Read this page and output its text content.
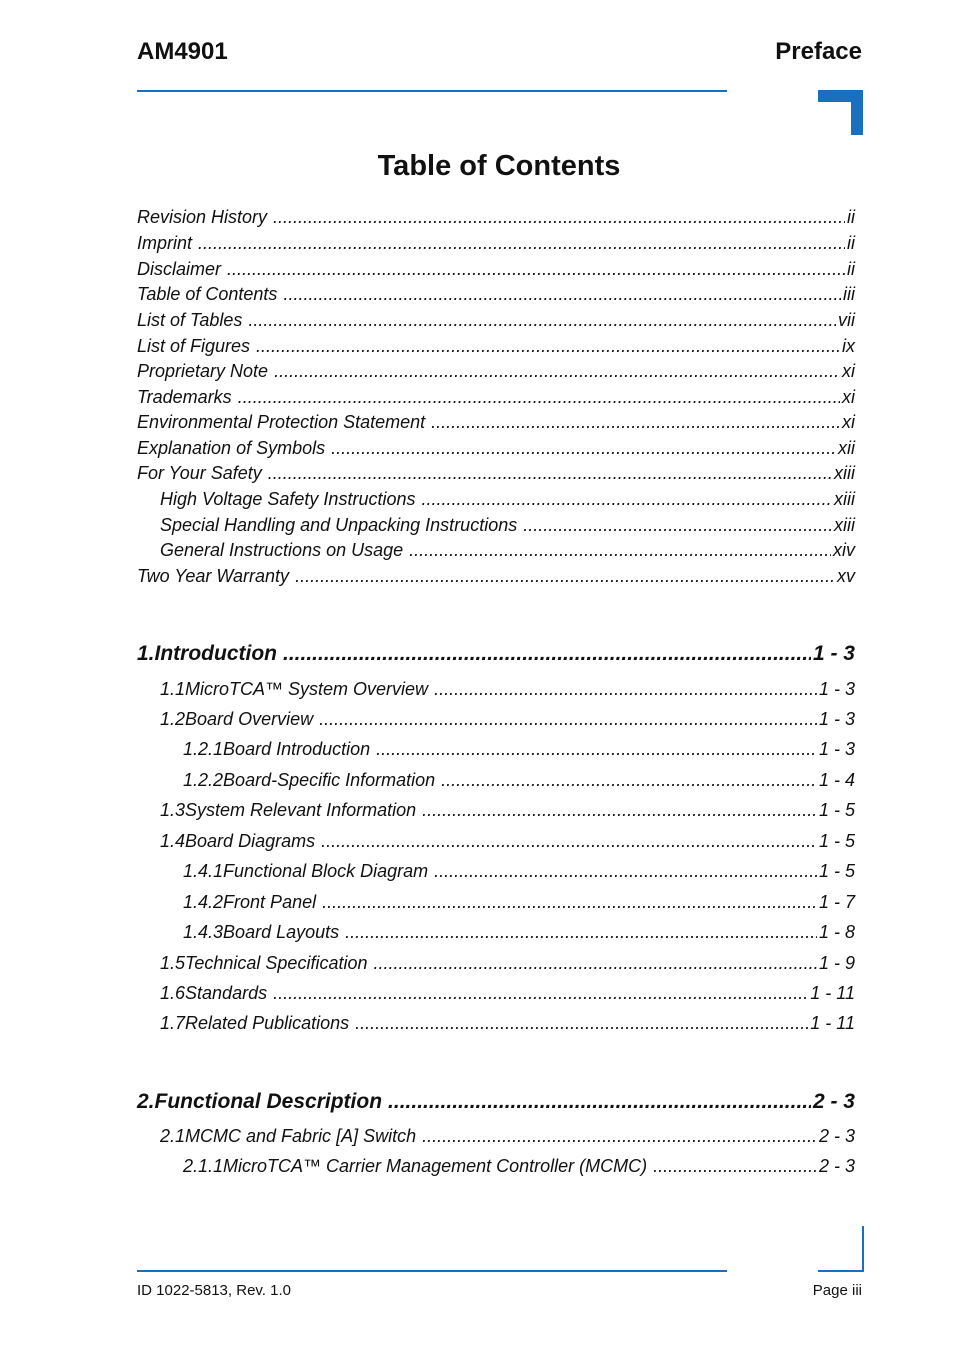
AM4901	Preface
Table of Contents
Revision History .....	ii
Imprint .....	ii
Disclaimer .....	ii
Table of Contents .....	iii
List of Tables .....	vii
List of Figures .....	ix
Proprietary Note .....	xi
Trademarks .....	xi
Environmental Protection Statement .....	xi
Explanation of Symbols .....	xii
For Your Safety .....	xiii
High Voltage Safety Instructions .....	xiii
Special Handling and Unpacking Instructions .....	xiii
General Instructions on Usage .....	xiv
Two Year Warranty .....	xv
1. Introduction .....	1 - 3
1.1 MicroTCA™ System Overview .....	1 - 3
1.2 Board Overview .....	1 - 3
1.2.1 Board Introduction .....	1 - 3
1.2.2 Board-Specific Information .....	1 - 4
1.3 System Relevant Information .....	1 - 5
1.4 Board Diagrams .....	1 - 5
1.4.1 Functional Block Diagram .....	1 - 5
1.4.2 Front Panel .....	1 - 7
1.4.3 Board Layouts .....	1 - 8
1.5 Technical Specification .....	1 - 9
1.6 Standards .....	1 - 11
1.7 Related Publications .....	1 - 11
2. Functional Description .....	2 - 3
2.1 MCMC and Fabric [A] Switch .....	2 - 3
2.1.1 MicroTCA™ Carrier Management Controller (MCMC) .....	2 - 3
ID 1022-5813, Rev. 1.0	Page iii
